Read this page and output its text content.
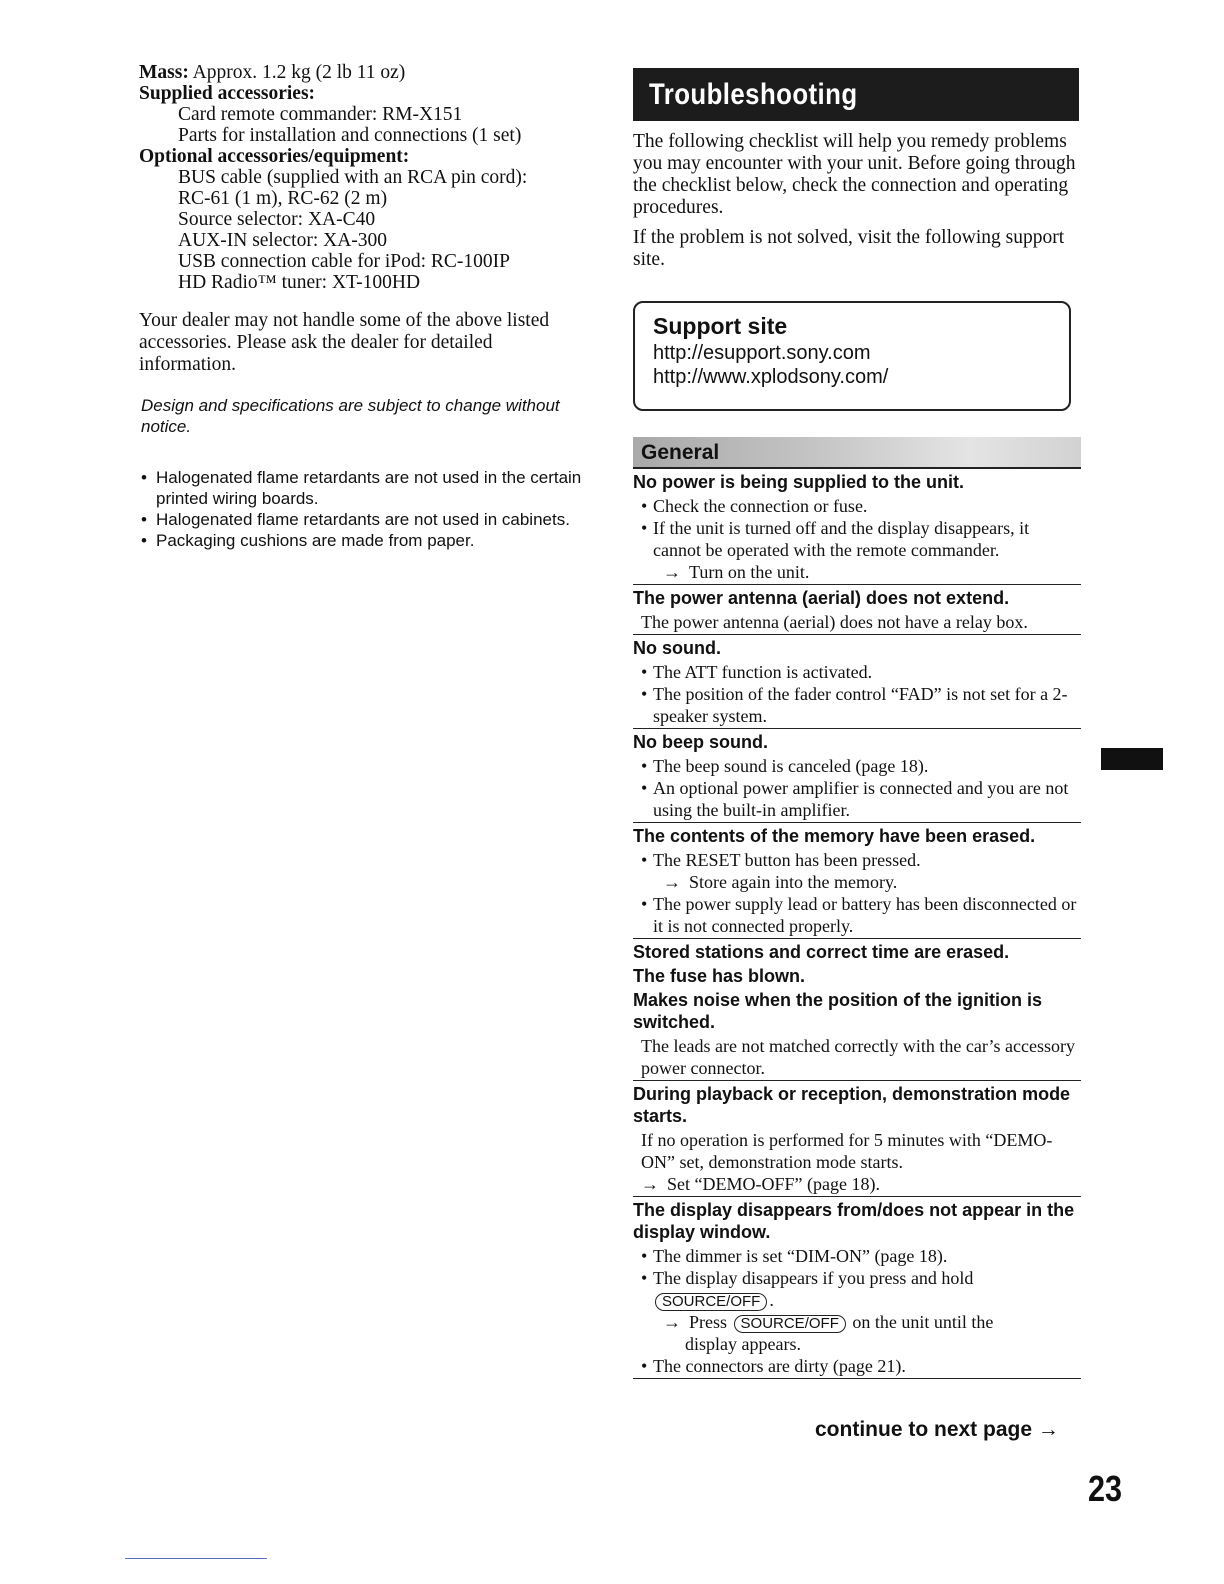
Mass: Approx. 1.2 kg (2 lb 11 oz)

Supplied accessories:

Card remote commander: RM-X151

Parts for installation and connections (1 set)

Optional accessories/equipment:

BUS cable (supplied with an RCA pin cord):

RC-61 (1 m), RC-62 (2 m)

Source selector: XA-C40

AUX-IN selector: XA-300

USB connection cable for iPod: RC-100IP

HD Radio™ tuner: XT-100HD

Your dealer may not handle some of the above listed accessories. Please ask the dealer for detailed information.

Design and specifications are subject to change without notice.

• Halogenated flame retardants are not used in the certain printed wiring boards.
• Halogenated flame retardants are not used in cabinets.
• Packaging cushions are made from paper.
Troubleshooting

The following checklist will help you remedy problems you may encounter with your unit. Before going through the checklist below, check the connection and operating procedures.

If the problem is not solved, visit the following support site.

Support site
http://esupport.sony.com
http://www.xplodsony.com/
General

No power is being supplied to the unit.

• Check the connection or fuse.

• If the unit is turned off and the display disappears, it cannot be operated with the remote commander.

→ Turn on the unit.

The power antenna (aerial) does not extend.

The power antenna (aerial) does not have a relay box.

No sound.

• The ATT function is activated.

• The position of the fader control “FAD” is not set for a 2-speaker system.

No beep sound.

• The beep sound is canceled (page 18).

• An optional power amplifier is connected and you are not using the built-in amplifier.

The contents of the memory have been erased.

• The RESET button has been pressed.

→ Store again into the memory.

• The power supply lead or battery has been disconnected or it is not connected properly.

Stored stations and correct time are erased.

The fuse has blown.

Makes noise when the position of the ignition is switched.

The leads are not matched correctly with the car’s accessory power connector.

During playback or reception, demonstration mode starts.

If no operation is performed for 5 minutes with “DEMO-ON” set, demonstration mode starts.

→ Set “DEMO-OFF” (page 18).

The display disappears from/does not appear in the display window.

• The dimmer is set “DIM-ON” (page 18).

• The display disappears if you press and hold
SOURCE/OFF .

→ Press SOURCE/OFF on the unit until the

display appears.

• The connectors are dirty (page 21).

continue to next page →
23
